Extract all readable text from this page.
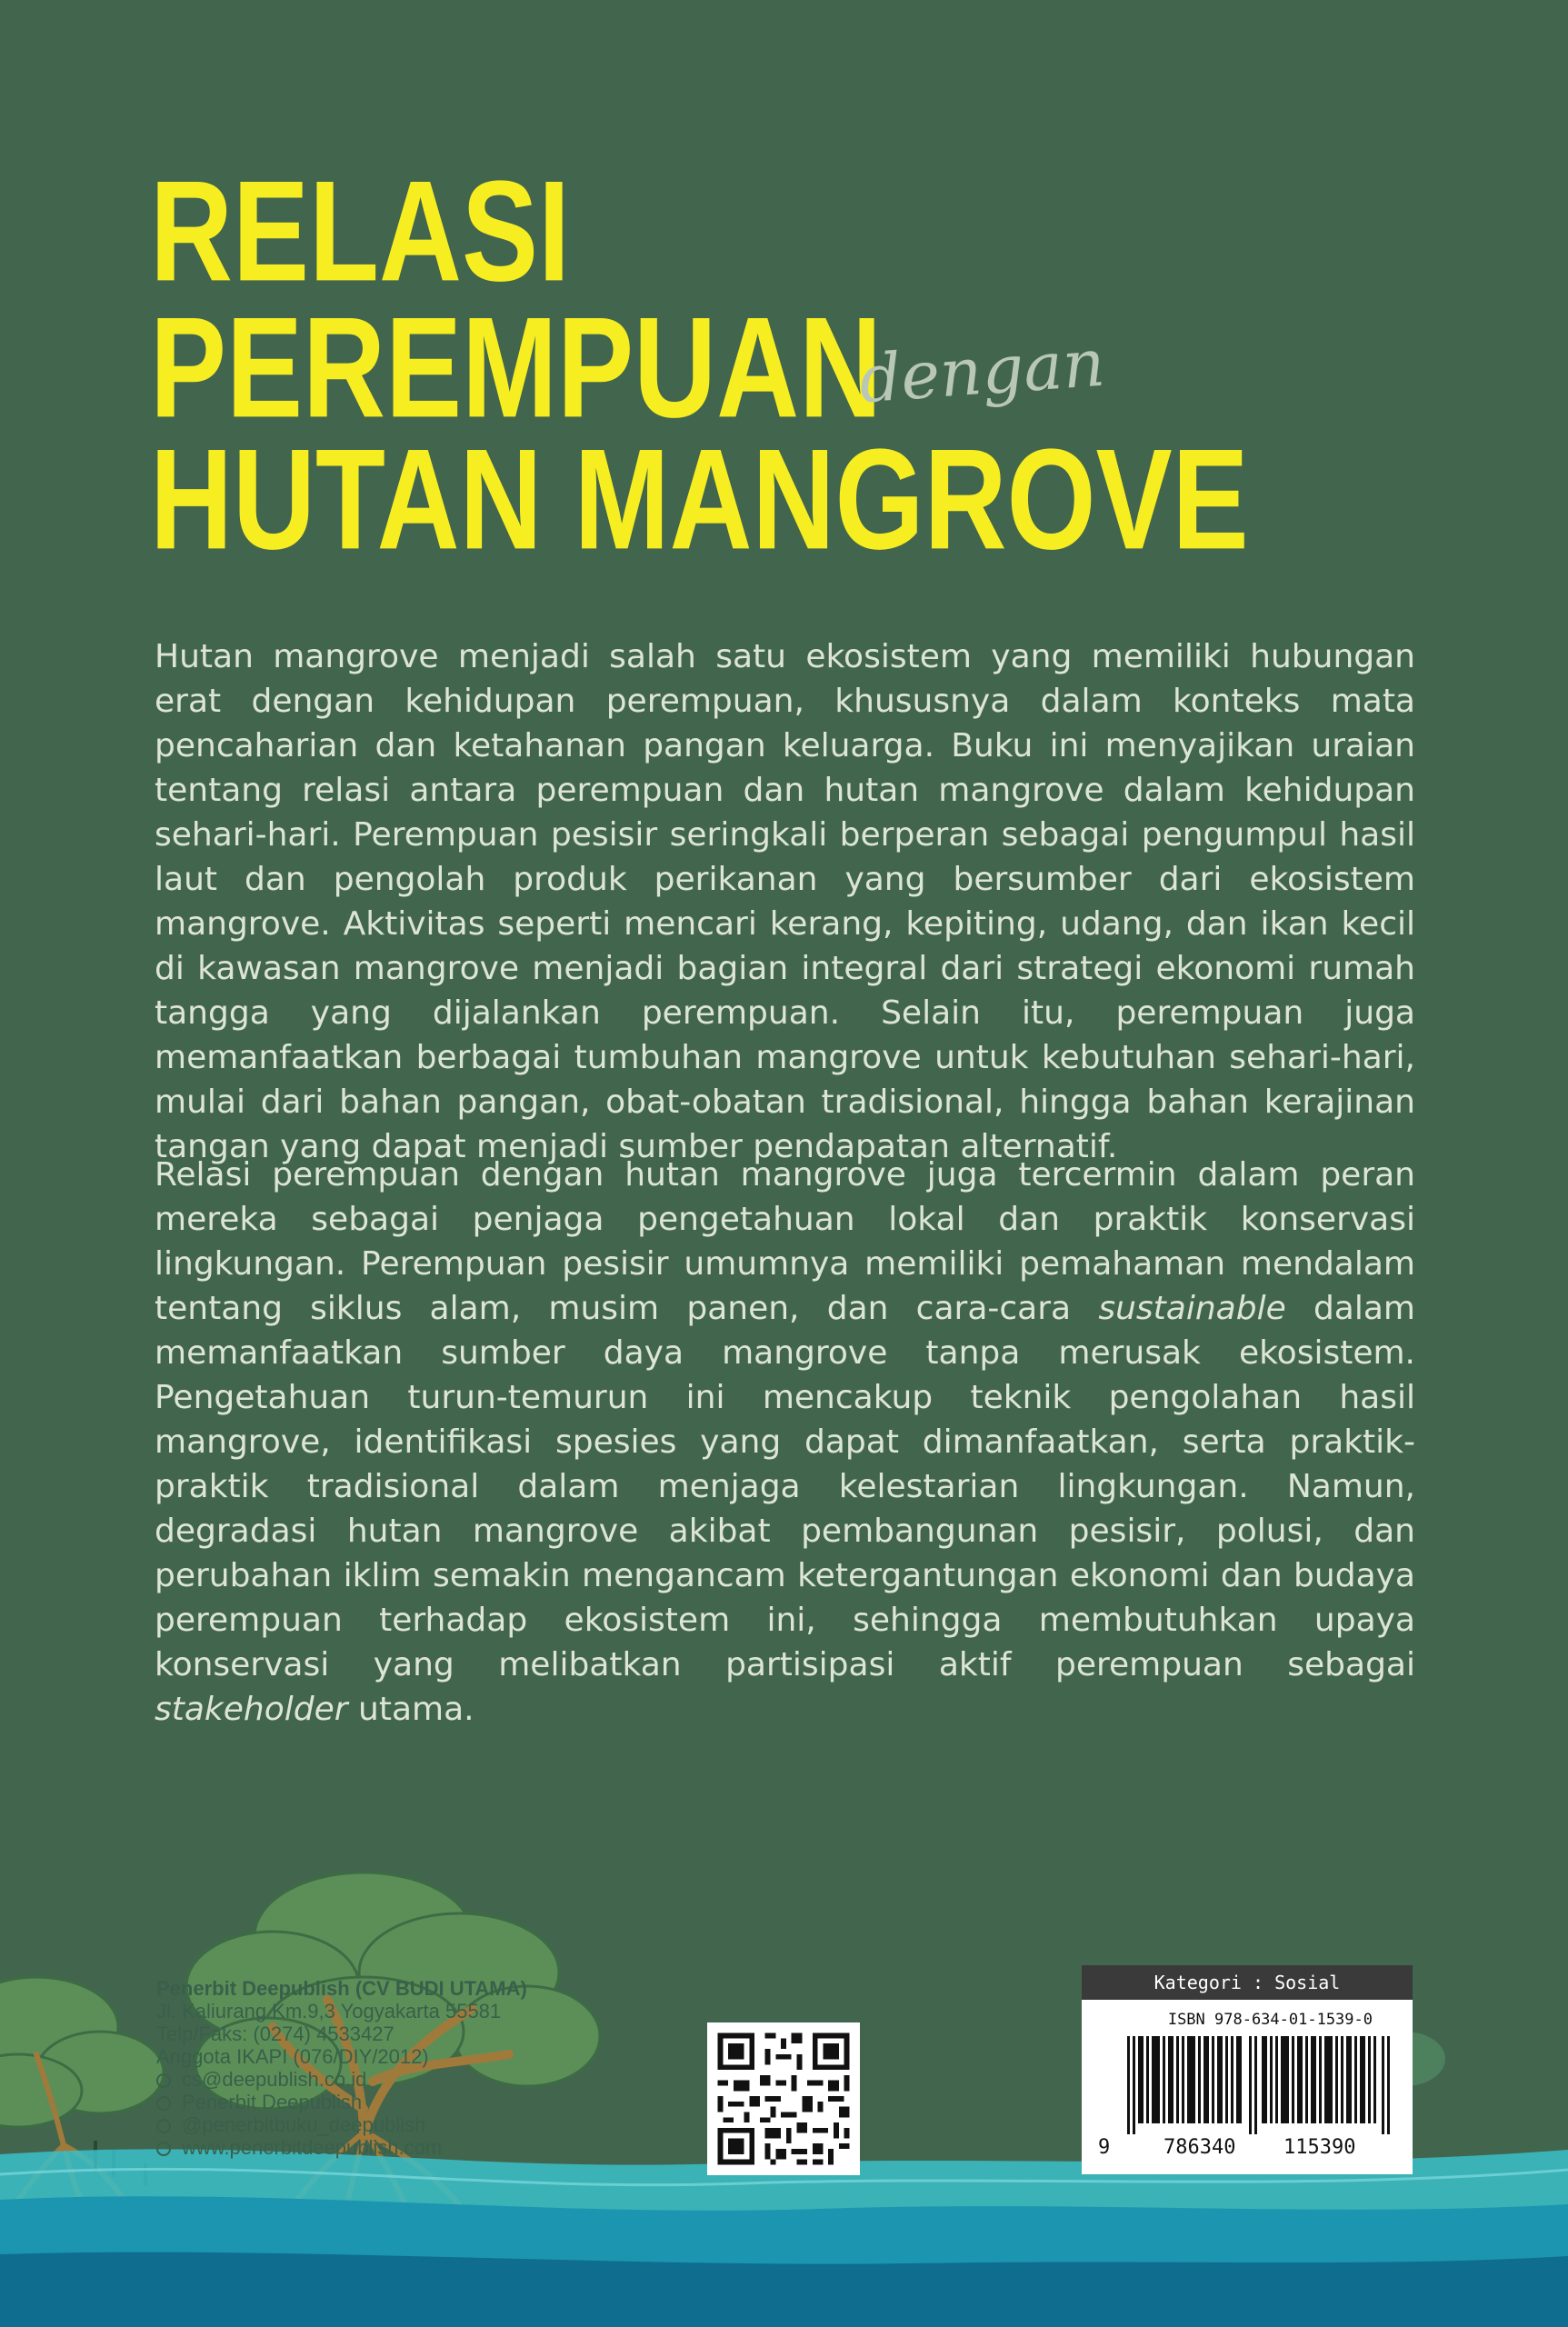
RELASI
PEREMPUAN
dengan
HUTAN MANGROVE

Hutan mangrove menjadi salah satu ekosistem yang memiliki hubungan erat dengan kehidupan perempuan, khususnya dalam konteks mata pencaharian dan ketahanan pangan keluarga. Buku ini menyajikan uraian tentang relasi antara perempuan dan hutan mangrove dalam kehidupan sehari-hari. Perempuan pesisir seringkali berperan sebagai pengumpul hasil laut dan pengolah produk perikanan yang bersumber dari ekosistem mangrove. Aktivitas seperti mencari kerang, kepiting, udang, dan ikan kecil di kawasan mangrove menjadi bagian integral dari strategi ekonomi rumah tangga yang dijalankan perempuan. Selain itu, perempuan juga memanfaatkan berbagai tumbuhan mangrove untuk kebutuhan sehari-hari, mulai dari bahan pangan, obat-obatan tradisional, hingga bahan kerajinan tangan yang dapat menjadi sumber pendapatan alternatif.

Relasi perempuan dengan hutan mangrove juga tercermin dalam peran mereka sebagai penjaga pengetahuan lokal dan praktik konservasi lingkungan. Perempuan pesisir umumnya memiliki pemahaman mendalam tentang siklus alam, musim panen, dan cara-cara sustainable dalam memanfaatkan sumber daya mangrove tanpa merusak ekosistem. Pengetahuan turun-temurun ini mencakup teknik pengolahan hasil mangrove, identifikasi spesies yang dapat dimanfaatkan, serta praktik-praktik tradisional dalam menjaga kelestarian lingkungan. Namun, degradasi hutan mangrove akibat pembangunan pesisir, polusi, dan perubahan iklim semakin mengancam ketergantungan ekonomi dan budaya perempuan terhadap ekosistem ini, sehingga membutuhkan upaya konservasi yang melibatkan partisipasi aktif perempuan sebagai stakeholder utama.

Penerbit Deepublish (CV BUDI UTAMA)
Jl. Kaliurang Km.9,3 Yogyakarta 55581
Telp/Faks: (0274) 4533427
Anggota IKAPI (076/DIY/2012)
cs@deepublish.co.id
Penerbit Deepublish
@penerbitbuku_deepublish
www.penerbitdeepublish.com
Kategori : Sosial
ISBN 978-634-01-1539-0
9	786340 115390
